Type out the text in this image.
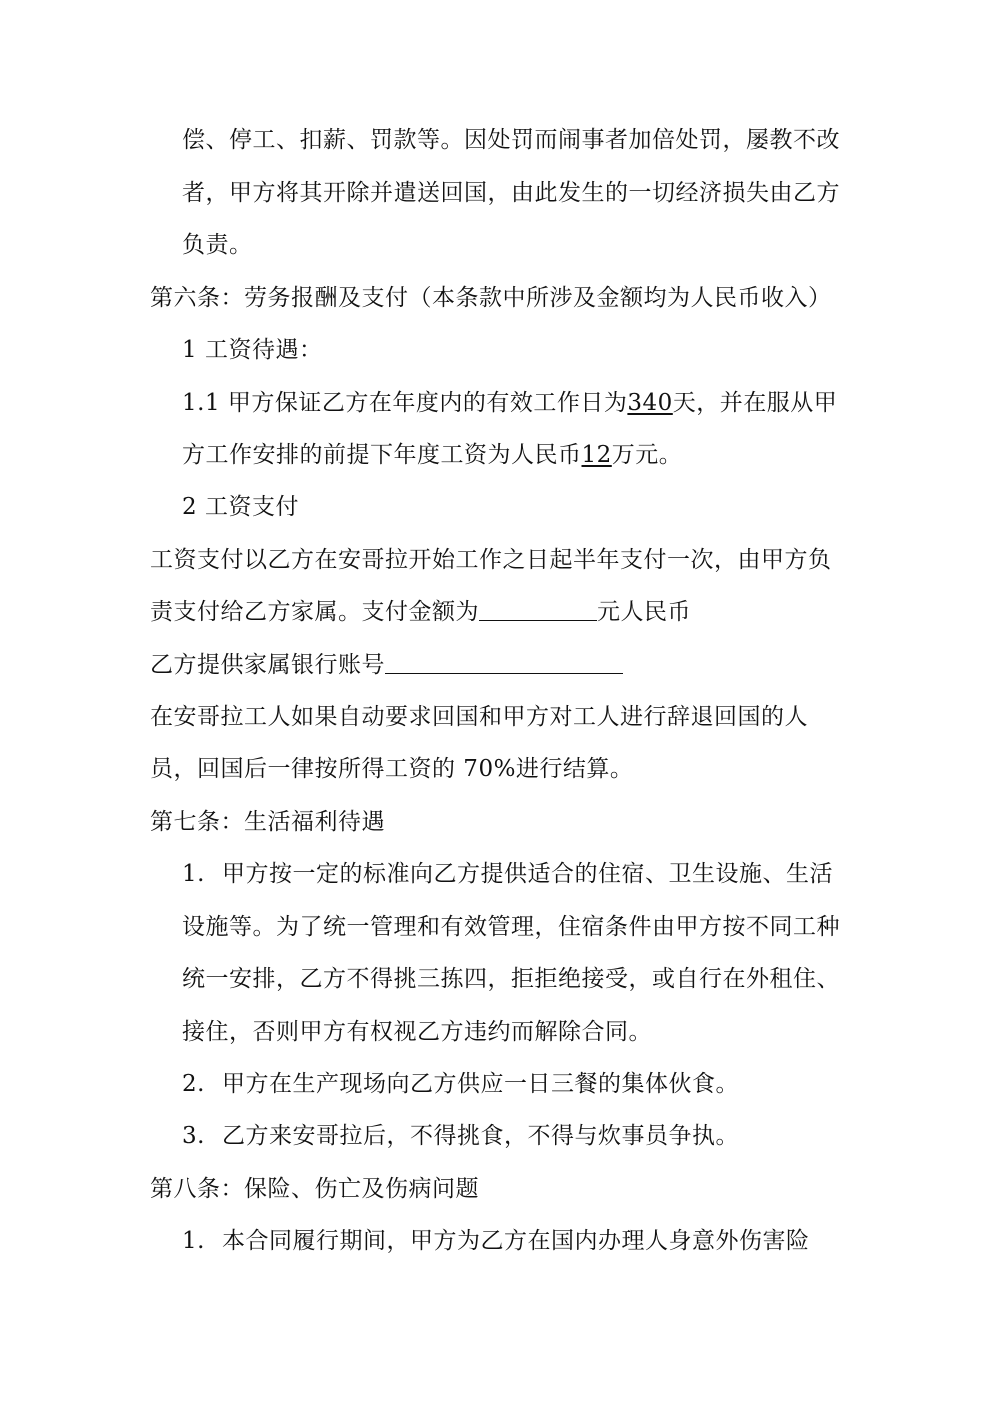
偿、停工、扣薪、罚款等。因处罚而闹事者加倍处罚，屡教不改
者，甲方将其开除并遣送回国，由此发生的一切经济损失由乙方
负责。
第六条：劳务报酬及支付（本条款中所涉及金额均为人民币收入）
1 工资待遇：
1.1 甲方保证乙方在年度内的有效工作日为340天，并在服从甲
方工作安排的前提下年度工资为人民币12万元。
2 工资支付
工资支付以乙方在安哥拉开始工作之日起半年支付一次，由甲方负
责支付给乙方家属。支付金额为	元人民币
乙方提供家属银行账号
在安哥拉工人如果自动要求回国和甲方对工人进行辞退回国的人
员，回国后一律按所得工资的 70%进行结算。
第七条：生活福利待遇
1. 甲方按一定的标准向乙方提供适合的住宿、卫生设施、生活
设施等。为了统一管理和有效管理，住宿条件由甲方按不同工种
统一安排，乙方不得挑三拣四，拒拒绝接受，或自行在外租住、
接住，否则甲方有权视乙方违约而解除合同。
2. 甲方在生产现场向乙方供应一日三餐的集体伙食。
3. 乙方来安哥拉后，不得挑食，不得与炊事员争执。
第八条：保险、伤亡及伤病问题
1. 本合同履行期间，甲方为乙方在国内办理人身意外伤害险
